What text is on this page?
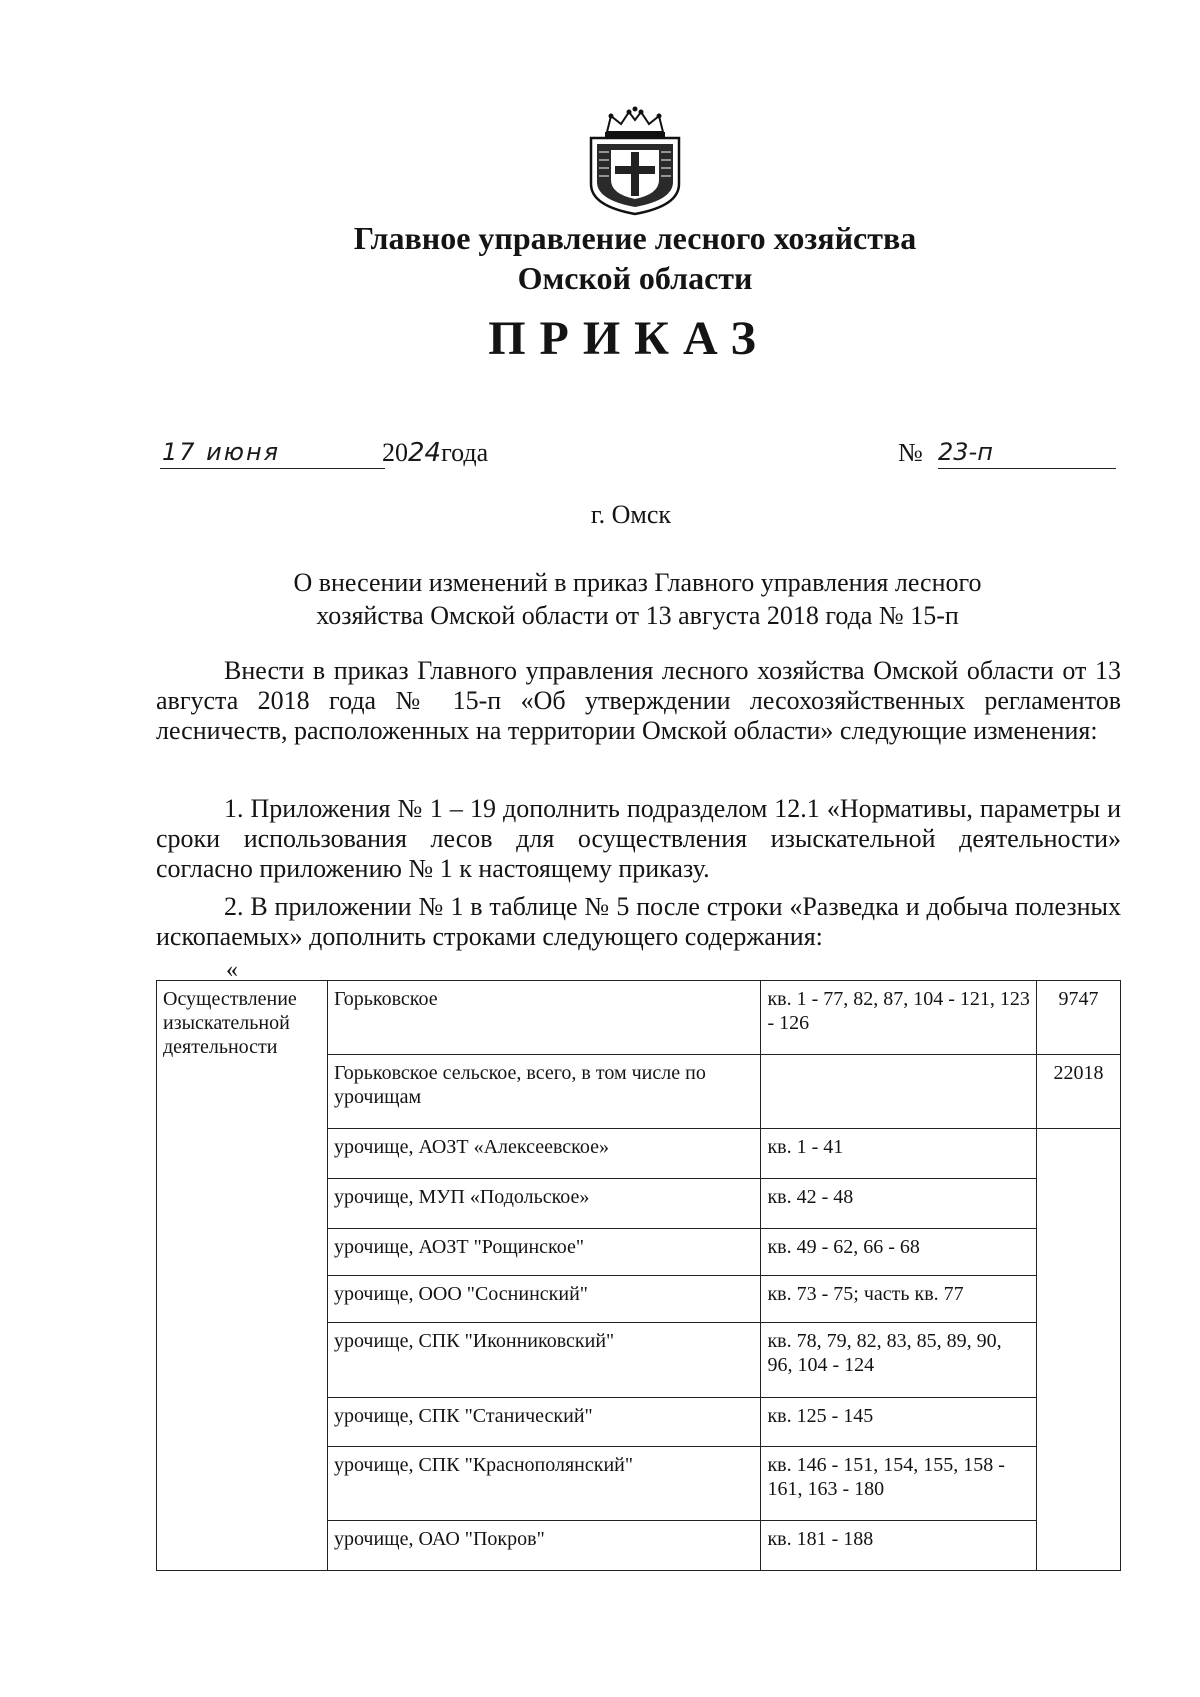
Главное управление лесного хозяйства
Омской области
ПРИКАЗ
17 июня	2024года	№ 23-п
г. Омск
О внесении изменений в приказ Главного управления лесного хозяйства Омской области от 13 августа 2018 года № 15-п
Внести в приказ Главного управления лесного хозяйства Омской области от 13 августа 2018 года № 15-п «Об утверждении лесохозяйственных регламентов лесничеств, расположенных на территории Омской области» следующие изменения:
1. Приложения № 1 – 19 дополнить подразделом 12.1 «Нормативы, параметры и сроки использования лесов для осуществления изыскательной деятельности» согласно приложению № 1 к настоящему приказу.
2. В приложении № 1 в таблице № 5 после строки «Разведка и добыча полезных ископаемых» дополнить строками следующего содержания:
«
Осуществление изыскательной деятельности	Горьковское	кв. 1 - 77, 82, 87, 104 - 121, 123 - 126	9747
	Горьковское сельское, всего, в том числе по урочищам		22018
	урочище, АОЗТ «Алексеевское»	кв. 1 - 41	
	урочище, МУП «Подольское»	кв. 42 - 48	
	урочище, АОЗТ "Рощинское"	кв. 49 - 62, 66 - 68	
	урочище, ООО "Соснинский"	кв. 73 - 75; часть кв. 77	
	урочище, СПК "Иконниковский"	кв. 78, 79, 82, 83, 85, 89, 90, 96, 104 - 124	
	урочище, СПК "Станический"	кв. 125 - 145	
	урочище, СПК "Краснополянский"	кв. 146 - 151, 154, 155, 158 - 161, 163 - 180	
	урочище, ОАО "Покров"	кв. 181 - 188	
